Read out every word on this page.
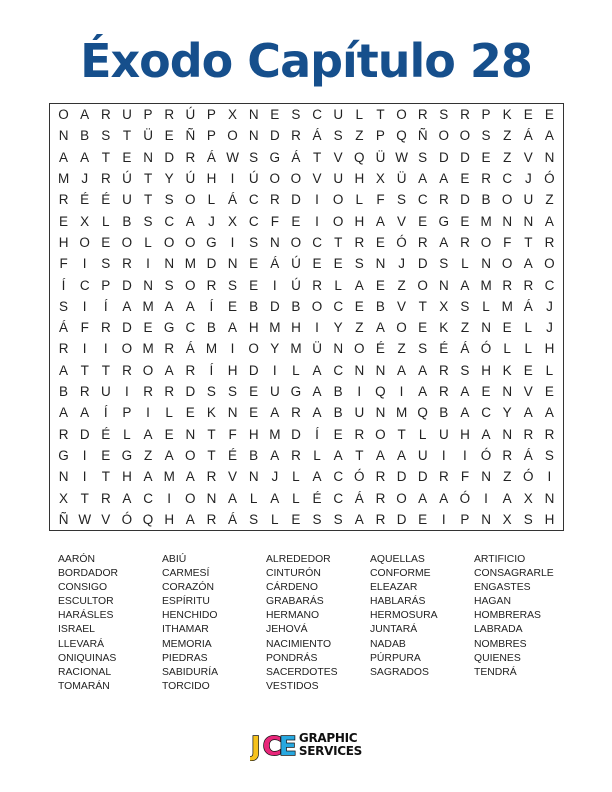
Éxodo Capítulo 28
O A R U P R Ú P X N E S C U L T O R S R P K E E
N B S T Ü E Ñ P O N D R Á S Z P Q Ñ O O S Z Á A
A A T E N D R Á W S G Á T V Q Ü W S D D E Z V N
M J R Ú T Y Ú H	I	Ú O O V U H X Ü A A E R C J Ó
R É É U T S O L Á C R D	I	O L F S C R D B O U Z
E X L B S C A J X C F E	I	O H A V E G E M N N A
H O E O L O O G	I	S N O C T R E Ó R A R O F T R
F	I	S R	I	N M D N E Á Ú E E S N J D S L N O A O
Í	C P D N S O R S E	I	Ú R L A E Z O N A M R R C
S	I	Í	A M A A	Í	E B D B O C E B V T X S L M Á J
Á F R D E G C B A H M H	I	Y Z A O E K Z N E L	J
R	I	I	O M R Á M	I	O Y M Ü N O É Z S É Á Ó L	L H
A T T R O A R	Í	H D	I	L A C N N A A R S H K E L
B R U	I	R R D S S E U G A B	I	Q	I	A R A E N V E
A A	Í	P	I	L E K N E A R A B U N M Q B A C Y A A
R D É L A E N T F H M D	Í	E R O T L U H A N R R
G	I	E G Z A O T É B A R L A T A A U	I	I	Ó R Á S
N	I	T H A M A R V N J	L A C Ó R D D R F N Z Ó	I
X T R A C	I	O N A L A L É C Á R O A A Ó	I	A X N
Ñ W V Ó Q H A R Á S L E S S A R D E	I	P N X S H
AARÓN	ABIÚ	ALREDEDOR	AQUELLAS	ARTIFICIO
BORDADOR	CARMESÍ	CINTURÓN	CONFORME	CONSAGRARLE
CONSIGO	CORAZÓN	CÁRDENO	ELEAZAR	ENGASTES
ESCULTOR	ESPÍRITU	GRABARÁS	HABLARÁS	HAGAN
HARÁSLES	HENCHIDO	HERMANO	HERMOSURA	HOMBRERAS
ISRAEL	ITHAMAR	JEHOVÁ	JUNTARÁ	LABRADA
LLEVARÁ	MEMORIA	NACIMIENTO	NADAB	NOMBRES
ONIQUINAS	PIEDRAS	PONDRÁS	PÚRPURA	QUIENES
RACIONAL	SABIDURÍA	SACERDOTES	SAGRADOS	TENDRÁ
TOMARÁN	TORCIDO	VESTIDOS
J C
E GRAPHIC
SERVICES
